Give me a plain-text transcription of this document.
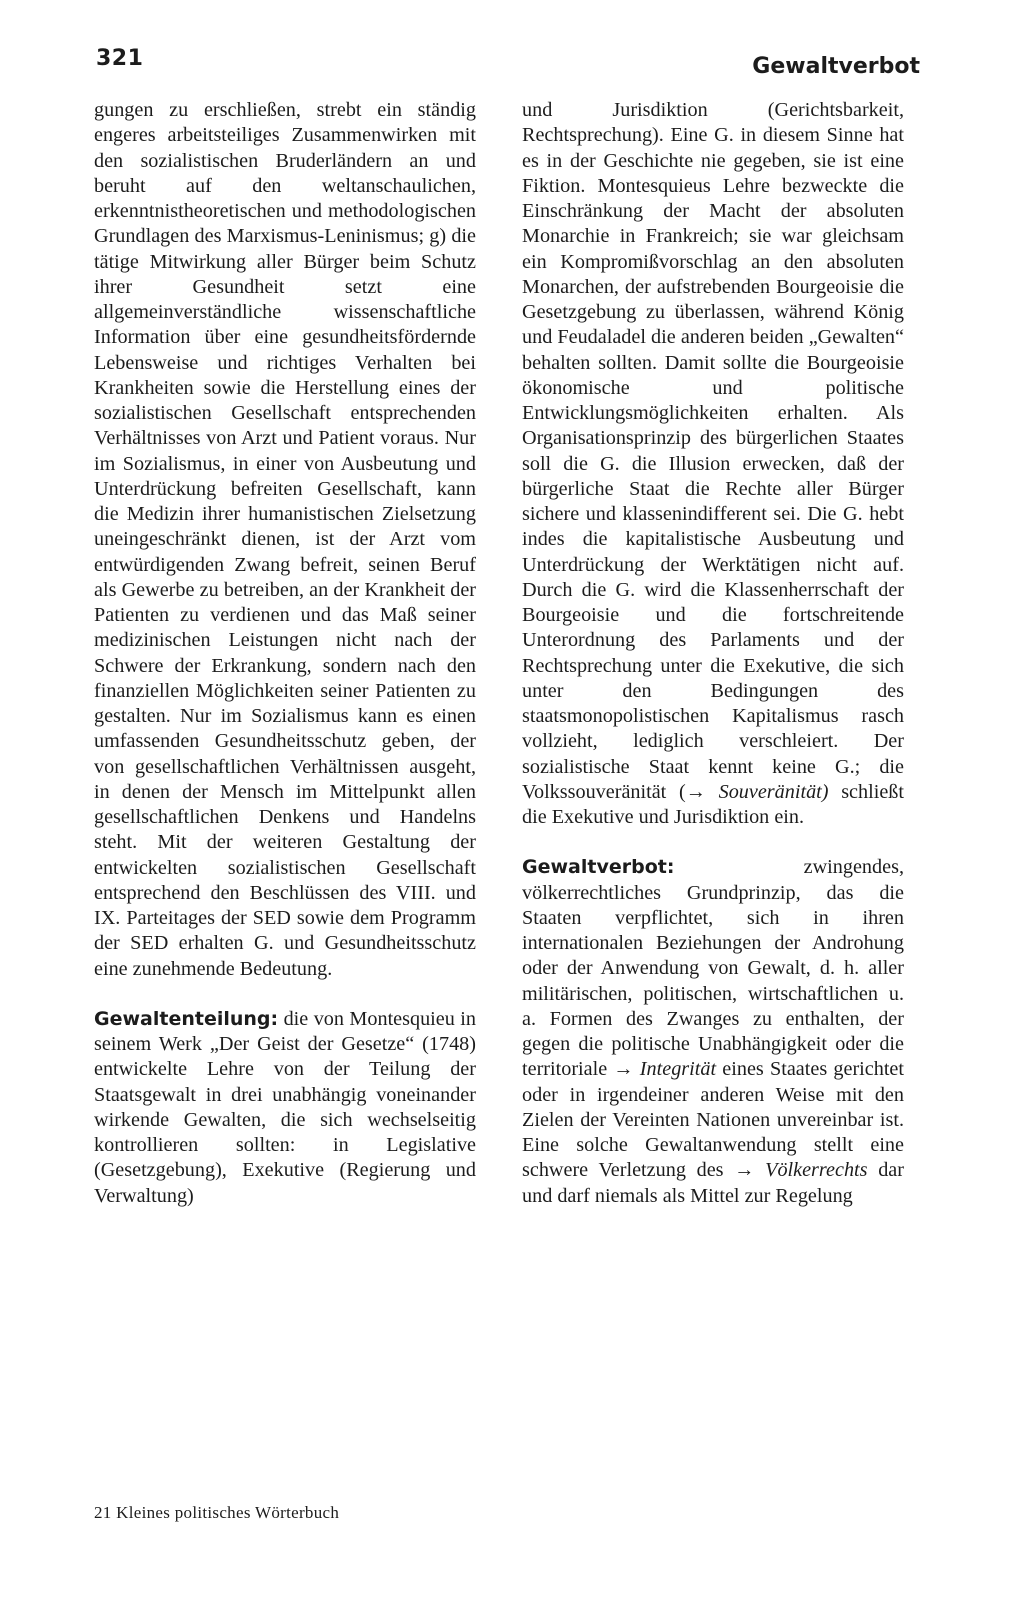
321	Gewaltverbot

gungen zu erschließen, strebt ein ständig engeres arbeitsteiliges Zusammenwirken mit den sozialistischen Bruderländern an und beruht auf den weltanschaulichen, erkenntnistheoretischen und methodologischen Grundlagen des Marxismus-Leninismus; g) die tätige Mitwirkung aller Bürger beim Schutz ihrer Gesundheit setzt eine allgemeinverständliche wissenschaftliche Information über eine gesundheitsfördernde Lebensweise und richtiges Verhalten bei Krankheiten sowie die Herstellung eines der sozialistischen Gesellschaft entsprechenden Verhältnisses von Arzt und Patient voraus. Nur im Sozialismus, in einer von Ausbeutung und Unterdrückung befreiten Gesellschaft, kann die Medizin ihrer humanistischen Zielsetzung uneingeschränkt dienen, ist der Arzt vom entwürdigenden Zwang befreit, seinen Beruf als Gewerbe zu betreiben, an der Krankheit der Patienten zu verdienen und das Maß seiner medizinischen Leistungen nicht nach der Schwere der Erkrankung, sondern nach den finanziellen Möglichkeiten seiner Patienten zu gestalten. Nur im Sozialismus kann es einen umfassenden Gesundheitsschutz geben, der von gesellschaftlichen Verhältnissen ausgeht, in denen der Mensch im Mittelpunkt allen gesellschaftlichen Denkens und Handelns steht. Mit der weiteren Gestaltung der entwickelten sozialistischen Gesellschaft entsprechend den Beschlüssen des VIII. und IX. Parteitages der SED sowie dem Programm der SED erhalten G. und Gesundheitsschutz eine zunehmende Bedeutung.

Gewaltenteilung: die von Montesquieu in seinem Werk „Der Geist der Gesetze“ (1748) entwickelte Lehre von der Teilung der Staatsgewalt in drei unabhängig voneinander wirkende Gewalten, die sich wechselseitig kontrollieren sollten: in Legislative (Gesetzgebung), Exekutive (Regierung und Verwaltung)

und Jurisdiktion (Gerichtsbarkeit, Rechtsprechung). Eine G. in diesem Sinne hat es in der Geschichte nie gegeben, sie ist eine Fiktion. Montesquieus Lehre bezweckte die Einschränkung der Macht der absoluten Monarchie in Frankreich; sie war gleichsam ein Kompromißvorschlag an den absoluten Monarchen, der aufstrebenden Bourgeoisie die Gesetzgebung zu überlassen, während König und Feudaladel die anderen beiden „Gewalten“ behalten sollten. Damit sollte die Bourgeoisie ökonomische und politische Entwicklungsmöglichkeiten erhalten. Als Organisationsprinzip des bürgerlichen Staates soll die G. die Illusion erwecken, daß der bürgerliche Staat die Rechte aller Bürger sichere und klassenindifferent sei. Die G. hebt indes die kapitalistische Ausbeutung und Unterdrückung der Werktätigen nicht auf. Durch die G. wird die Klassenherrschaft der Bourgeoisie und die fortschreitende Unterordnung des Parlaments und der Rechtsprechung unter die Exekutive, die sich unter den Bedingungen des staatsmonopolistischen Kapitalismus rasch vollzieht, lediglich verschleiert. Der sozialistische Staat kennt keine G.; die Volkssouveränität (→ Souveränität) schließt die Exekutive und Jurisdiktion ein.

Gewaltverbot: zwingendes, völkerrechtliches Grundprinzip, das die Staaten verpflichtet, sich in ihren internationalen Beziehungen der Androhung oder der Anwendung von Gewalt, d. h. aller militärischen, politischen, wirtschaftlichen u. a. Formen des Zwanges zu enthalten, der gegen die politische Unabhängigkeit oder die territoriale → Integrität eines Staates gerichtet oder in irgendeiner anderen Weise mit den Zielen der Vereinten Nationen unvereinbar ist. Eine solche Gewaltanwendung stellt eine schwere Verletzung des → Völkerrechts dar und darf niemals als Mittel zur Regelung

21 Kleines politisches Wörterbuch
